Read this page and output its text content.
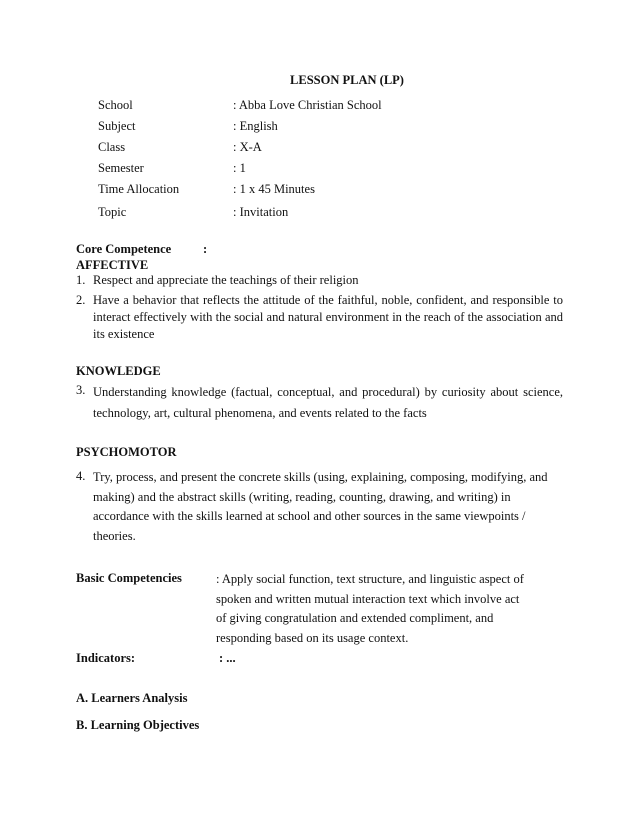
LESSON PLAN (LP)
School	: Abba Love Christian School
Subject	: English
Class	: X-A
Semester	: 1
Time Allocation	: 1 x 45 Minutes
Topic	: Invitation
Core Competence	:
AFFECTIVE
1. Respect and appreciate the teachings of their religion
2. Have a behavior that reflects the attitude of the faithful, noble, confident, and responsible to interact effectively with the social and natural environment in the reach of the association and its existence
KNOWLEDGE
3. Understanding knowledge (factual, conceptual, and procedural) by curiosity about science, technology, art, cultural phenomena, and events related to the facts
PSYCHOMOTOR
4. Try, process, and present the concrete skills (using, explaining, composing, modifying, and making) and the abstract skills (writing, reading, counting, drawing, and writing) in accordance with the skills learned at school and other sources in the same viewpoints / theories.
Basic Competencies	: Apply social function, text structure, and linguistic aspect of spoken and written mutual interaction text which involve act of giving congratulation and extended compliment, and responding based on its usage context.
Indicators:	: ...
A. Learners Analysis
B. Learning Objectives
